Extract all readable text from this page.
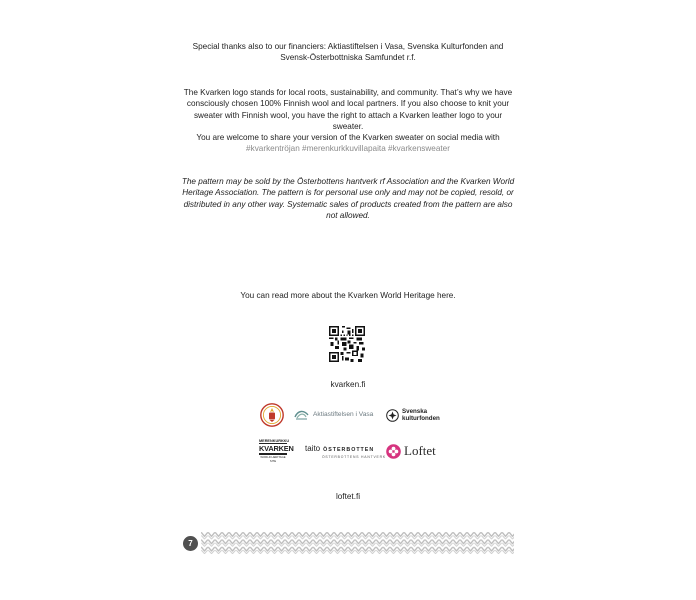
Special thanks also to our financiers: Aktiastiftelsen i Vasa, Svenska Kulturfonden and
Svensk-Österbottniska Samfundet r.f.
The Kvarken logo stands for local roots, sustainability, and community. That’s why we have
consciously chosen 100% Finnish wool and local partners. If you also choose to knit your
sweater with Finnish wool, you have the right to attach a Kvarken leather logo to your
sweater.
You are welcome to share your version of the Kvarken sweater on social media with
#kvarkentröjan #merenkurkkuvillapaita #kvarkensweater
The pattern may be sold by the Österbottens hantverk rf Association and the Kvarken World
Heritage Association. The pattern is for personal use only and may not be copied, resold, or
distributed in any other way. Systematic sales of products created from the pattern are also
not allowed.
You can read more about the Kvarken World Heritage here.
kvarken.fi
Aktiastiftelsen i Vasa	Svenska
kulturfonden
MERENKURKKU
KVARKEN
WORLD HERITAGE SITE
taito ÖSTERBOTTEN
ÖSTERBOTTENS HANTVERK Loftet
loftet.fi
7
